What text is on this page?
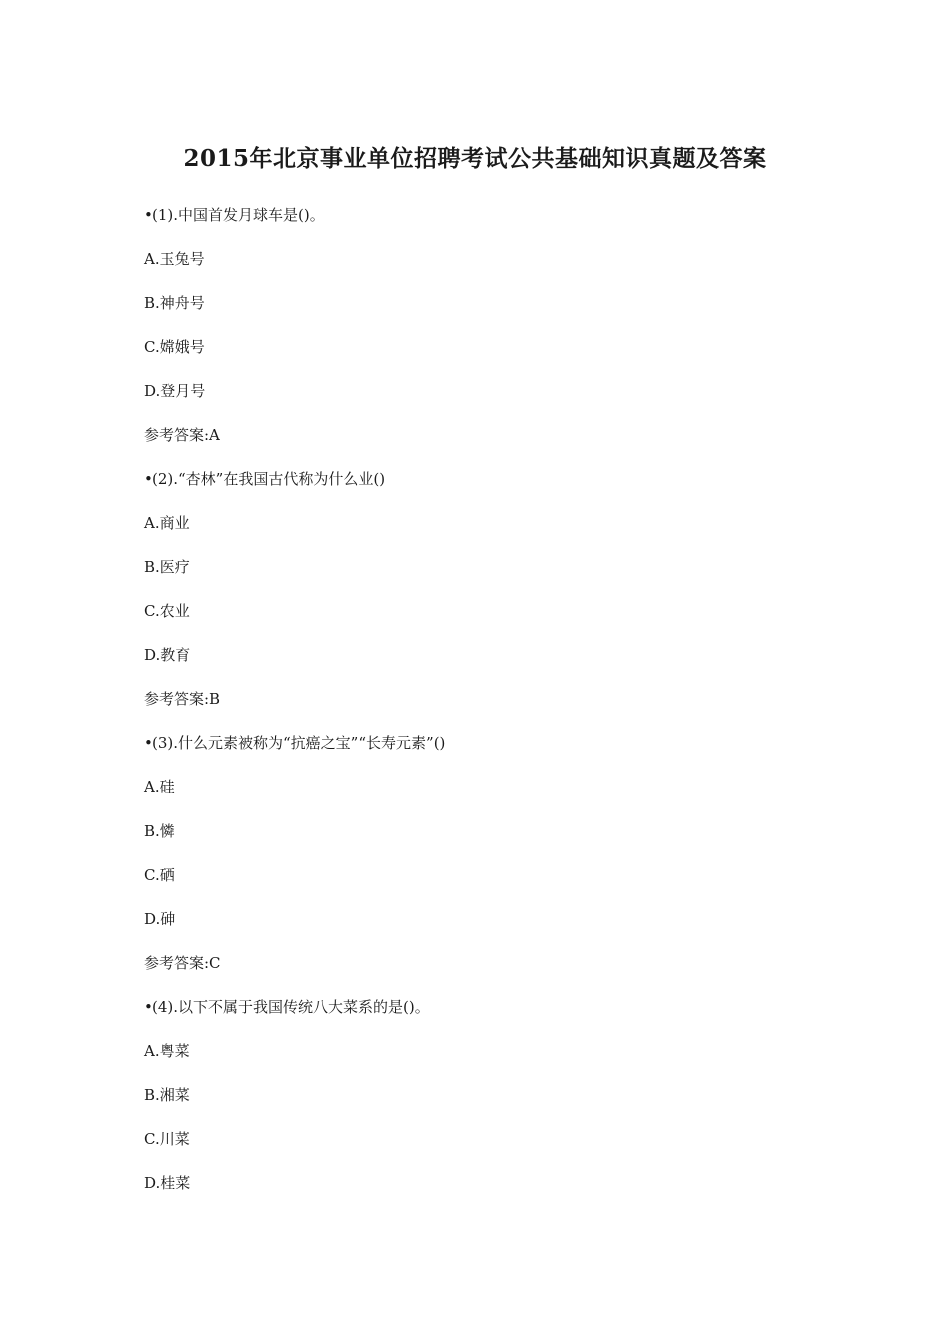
2015年北京事业单位招聘考试公共基础知识真题及答案
•(1).中国首发月球车是()。
A.玉兔号
B.神舟号
C.嫦娥号
D.登月号
参考答案:A
•(2).“杏林”在我国古代称为什么业()
A.商业
B.医疗
C.农业
D.教育
参考答案:B
•(3).什么元素被称为“抗癌之宝”“长寿元素”()
A.硅
B.憐
C.硒
D.砷
参考答案:C
•(4).以下不属于我国传统八大菜系的是()。
A.粤菜
B.湘菜
C.川菜
D.桂菜
